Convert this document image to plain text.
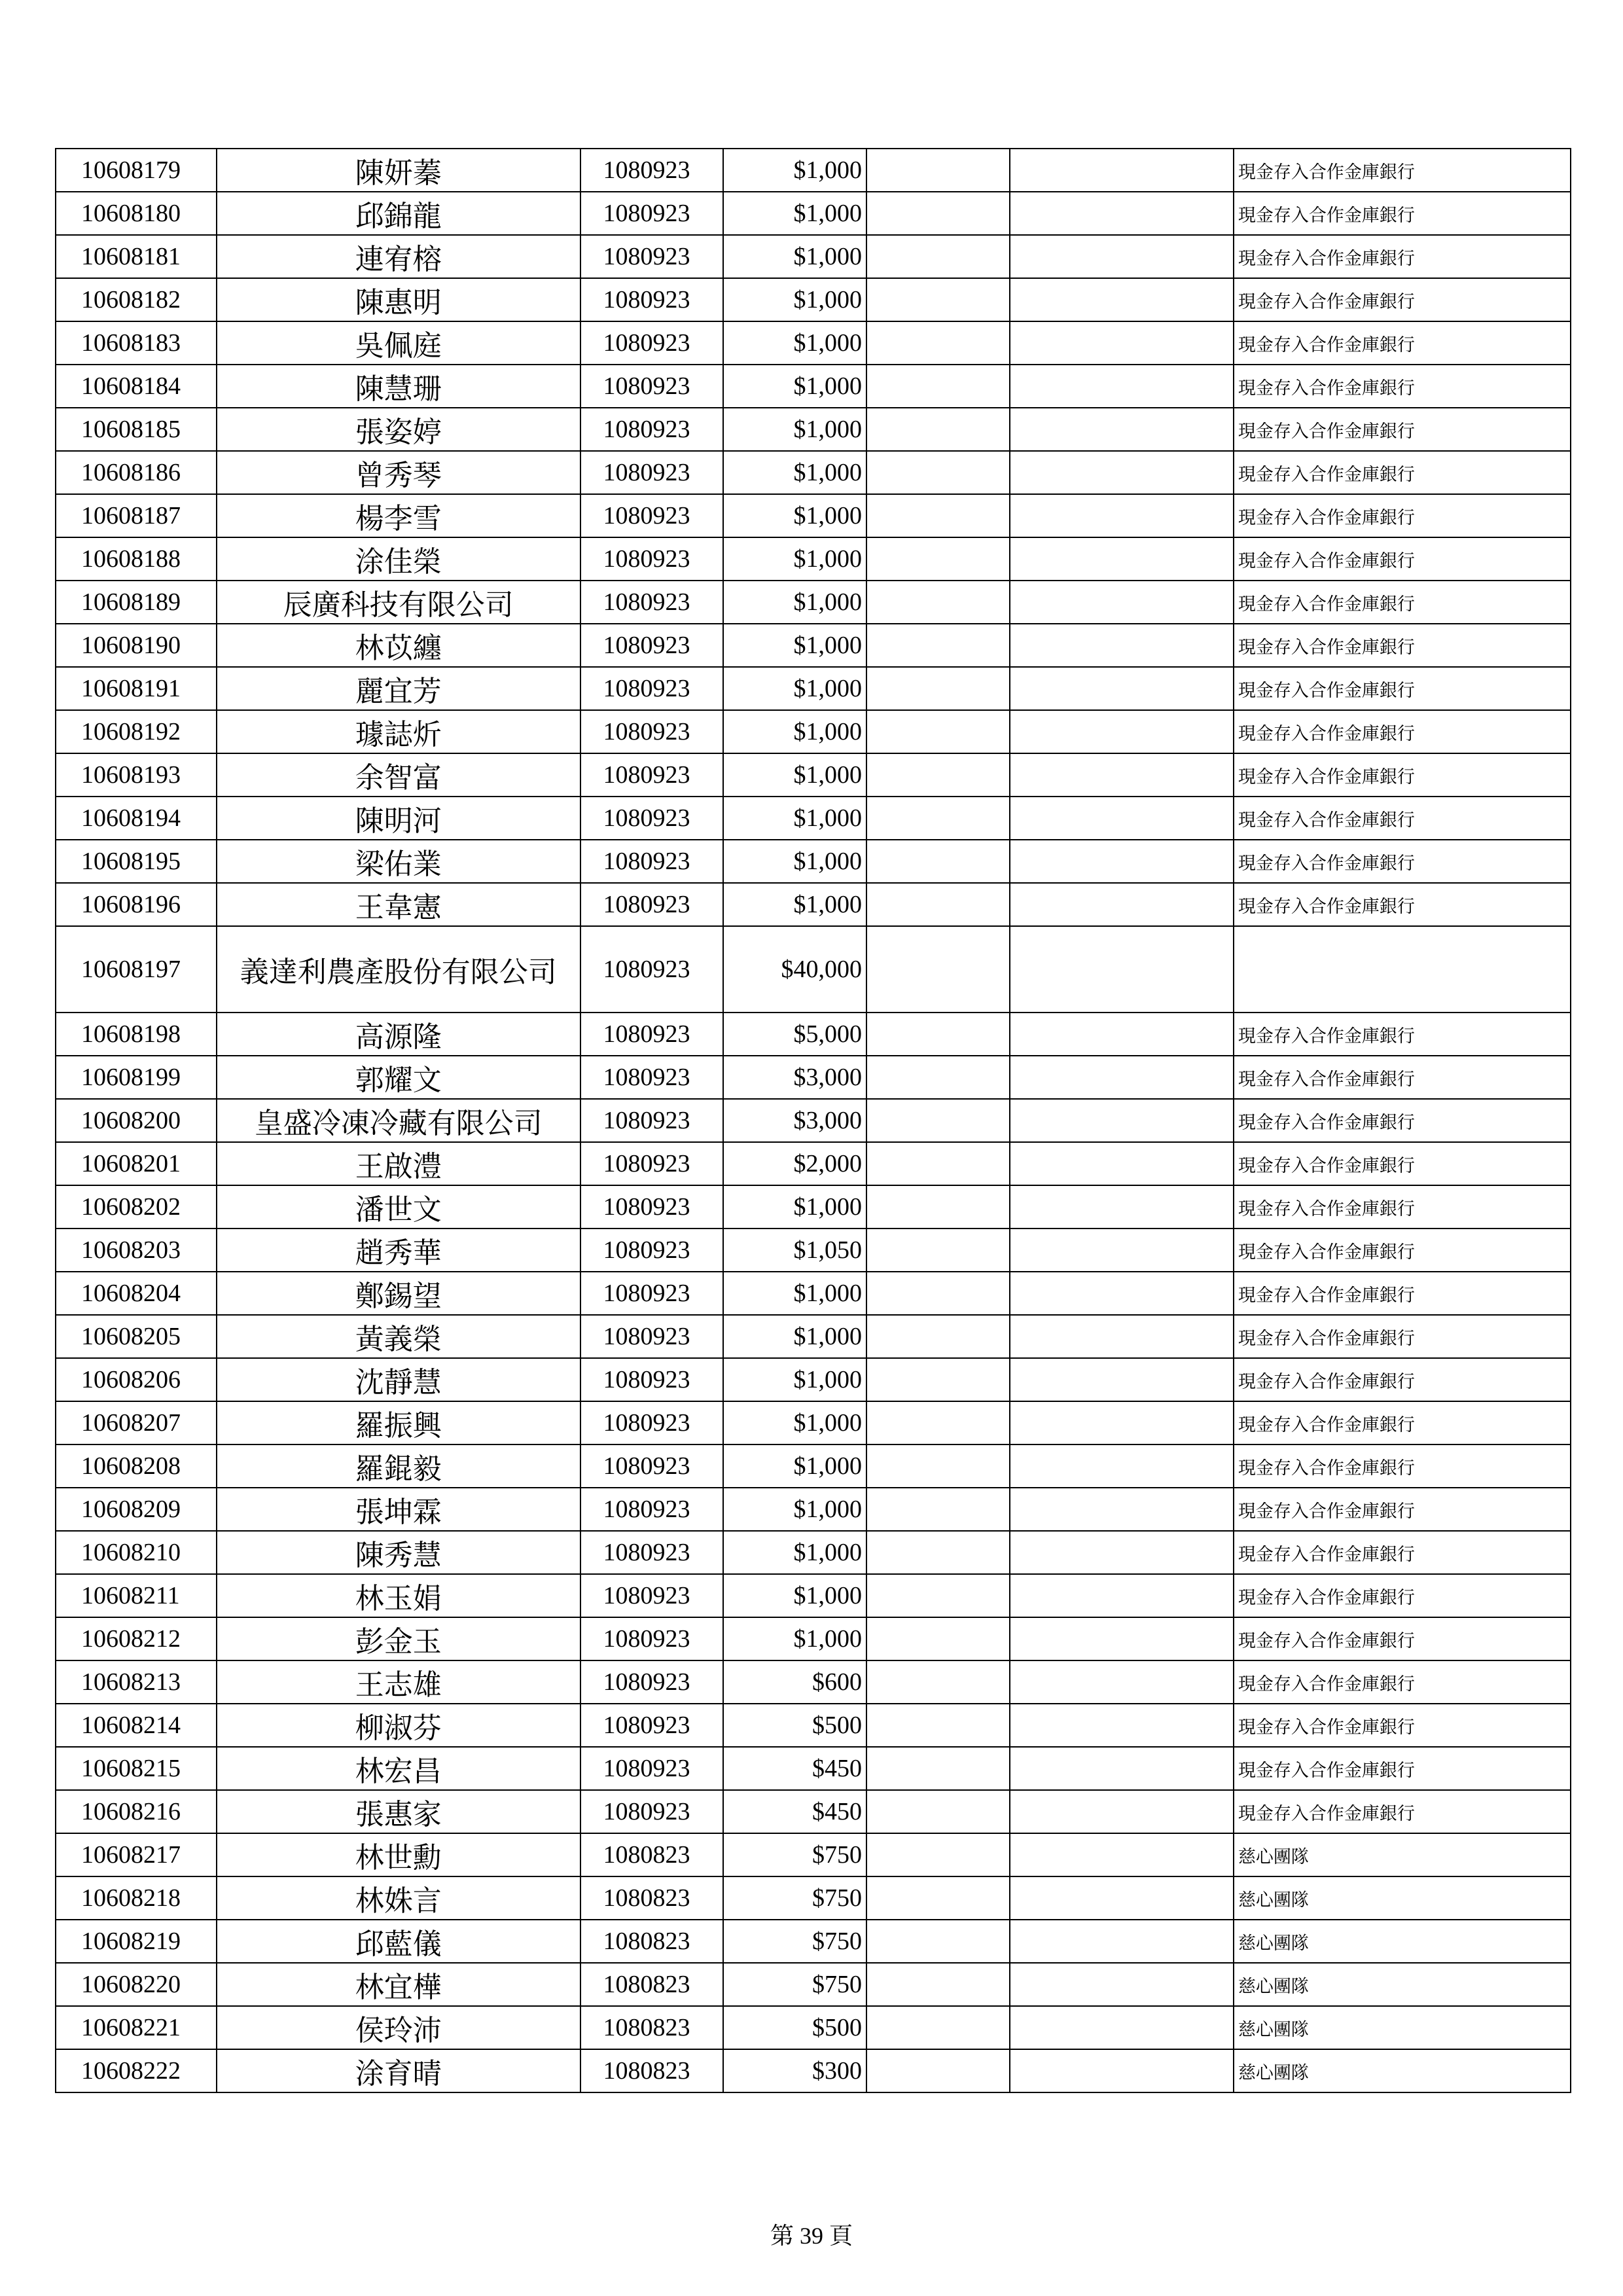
10608179	陳妍蓁	1080923	$1,000			現金存入合作金庫銀行
10608180	邱錦龍	1080923	$1,000			現金存入合作金庫銀行
10608181	連宥榕	1080923	$1,000			現金存入合作金庫銀行
10608182	陳惠明	1080923	$1,000			現金存入合作金庫銀行
10608183	吳佩庭	1080923	$1,000			現金存入合作金庫銀行
10608184	陳慧珊	1080923	$1,000			現金存入合作金庫銀行
10608185	張姿婷	1080923	$1,000			現金存入合作金庫銀行
10608186	曾秀琴	1080923	$1,000			現金存入合作金庫銀行
10608187	楊李雪	1080923	$1,000			現金存入合作金庫銀行
10608188	涂佳榮	1080923	$1,000			現金存入合作金庫銀行
10608189	辰廣科技有限公司	1080923	$1,000			現金存入合作金庫銀行
10608190	林苡纏	1080923	$1,000			現金存入合作金庫銀行
10608191	麗宜芳	1080923	$1,000			現金存入合作金庫銀行
10608192	璩誌炘	1080923	$1,000			現金存入合作金庫銀行
10608193	余智富	1080923	$1,000			現金存入合作金庫銀行
10608194	陳明河	1080923	$1,000			現金存入合作金庫銀行
10608195	梁佑業	1080923	$1,000			現金存入合作金庫銀行
10608196	王韋憲	1080923	$1,000			現金存入合作金庫銀行
10608197	義達利農產股份有限公司	1080923	$40,000			
10608198	高源隆	1080923	$5,000			現金存入合作金庫銀行
10608199	郭耀文	1080923	$3,000			現金存入合作金庫銀行
10608200	皇盛冷凍冷藏有限公司	1080923	$3,000			現金存入合作金庫銀行
10608201	王啟澧	1080923	$2,000			現金存入合作金庫銀行
10608202	潘世文	1080923	$1,000			現金存入合作金庫銀行
10608203	趙秀華	1080923	$1,050			現金存入合作金庫銀行
10608204	鄭錫望	1080923	$1,000			現金存入合作金庫銀行
10608205	黃義榮	1080923	$1,000			現金存入合作金庫銀行
10608206	沈靜慧	1080923	$1,000			現金存入合作金庫銀行
10608207	羅振興	1080923	$1,000			現金存入合作金庫銀行
10608208	羅錕毅	1080923	$1,000			現金存入合作金庫銀行
10608209	張坤霖	1080923	$1,000			現金存入合作金庫銀行
10608210	陳秀慧	1080923	$1,000			現金存入合作金庫銀行
10608211	林玉娟	1080923	$1,000			現金存入合作金庫銀行
10608212	彭金玉	1080923	$1,000			現金存入合作金庫銀行
10608213	王志雄	1080923	$600			現金存入合作金庫銀行
10608214	柳淑芬	1080923	$500			現金存入合作金庫銀行
10608215	林宏昌	1080923	$450			現金存入合作金庫銀行
10608216	張惠家	1080923	$450			現金存入合作金庫銀行
10608217	林世勳	1080823	$750			慈心團隊
10608218	林姝言	1080823	$750			慈心團隊
10608219	邱藍儀	1080823	$750			慈心團隊
10608220	林宜樺	1080823	$750			慈心團隊
10608221	侯玲沛	1080823	$500			慈心團隊
10608222	涂育晴	1080823	$300			慈心團隊
第 39 頁
